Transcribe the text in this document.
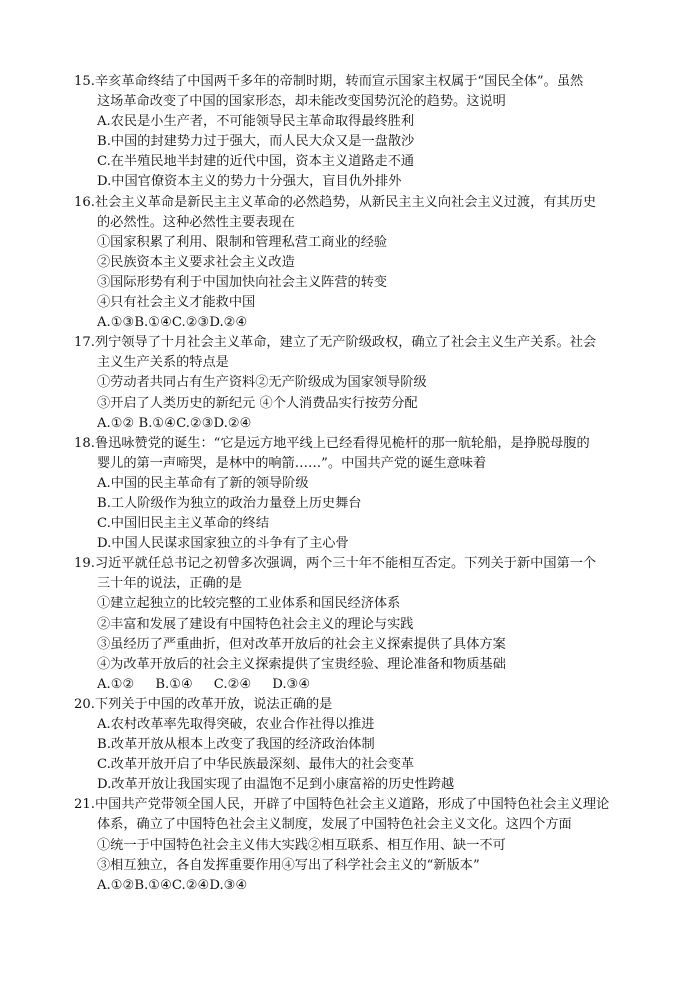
15.辛亥革命终结了中国两千多年的帝制时期，转而宣示国家主权属于“国民全体”。虽然
这场革命改变了中国的国家形态，却未能改变国势沉沦的趋势。这说明
A.农民是小生产者，不可能领导民主革命取得最终胜利
B.中国的封建势力过于强大，而人民大众又是一盘散沙
C.在半殖民地半封建的近代中国，资本主义道路走不通
D.中国官僚资本主义的势力十分强大，盲目仇外排外
16.社会主义革命是新民主主义革命的必然趋势，从新民主主义向社会主义过渡，有其历史
的必然性。这种必然性主要表现在
①国家积累了利用、限制和管理私营工商业的经验
②民族资本主义要求社会主义改造
③国际形势有利于中国加快向社会主义阵营的转变
④只有社会主义才能救中国
A.①③B.①④C.②③D.②④
17.列宁领导了十月社会主义革命，建立了无产阶级政权，确立了社会主义生产关系。社会
主义生产关系的特点是
①劳动者共同占有生产资料②无产阶级成为国家领导阶级
③开启了人类历史的新纪元 ④个人消费品实行按劳分配
A.①② B.①④C.②③D.②④
18.鲁迅咏赞党的诞生：“它是远方地平线上已经看得见桅杆的那一航轮船，是挣脱母腹的
婴儿的第一声啼哭，是林中的响箭……”。中国共产党的诞生意味着
A.中国的民主革命有了新的领导阶级
B.工人阶级作为独立的政治力量登上历史舞台
C.中国旧民主主义革命的终结
D.中国人民谋求国家独立的斗争有了主心骨
19.习近平就任总书记之初曾多次强调，两个三十年不能相互否定。下列关于新中国第一个
三十年的说法，正确的是
①建立起独立的比较完整的工业体系和国民经济体系
②丰富和发展了建设有中国特色社会主义的理论与实践
③虽经历了严重曲折，但对改革开放后的社会主义探索提供了具体方案
④为改革开放后的社会主义探索提供了宝贵经验、理论准备和物质基础
A.①②     B.①④     C.②④     D.③④
20.下列关于中国的改革开放，说法正确的是
A.农村改革率先取得突破，农业合作社得以推进
B.改革开放从根本上改变了我国的经济政治体制
C.改革开放开启了中华民族最深刻、最伟大的社会变革
D.改革开放让我国实现了由温饱不足到小康富裕的历史性跨越
21.中国共产党带领全国人民，开辟了中国特色社会主义道路，形成了中国特色社会主义理论
体系，确立了中国特色社会主义制度，发展了中国特色社会主义文化。这四个方面
①统一于中国特色社会主义伟大实践②相互联系、相互作用、缺一不可
③相互独立，各自发挥重要作用④写出了科学社会主义的“新版本”
A.①②B.①④C.②④D.③④
